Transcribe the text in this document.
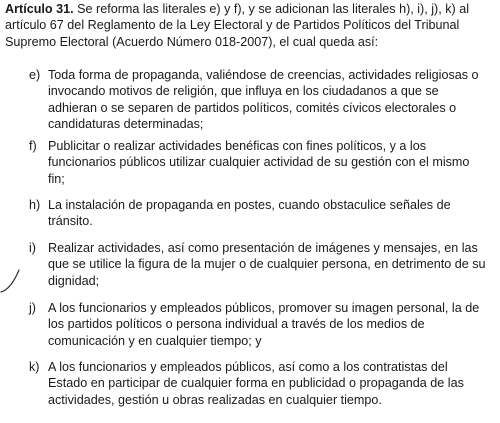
Artículo 31. Se reforma las literales e) y f), y se adicionan las literales h), i), j), k) al artículo 67 del Reglamento de la Ley Electoral y de Partidos Políticos del Tribunal Supremo Electoral (Acuerdo Número 018-2007), el cual queda así:
e) Toda forma de propaganda, valiéndose de creencias, actividades religiosas o invocando motivos de religión, que influya en los ciudadanos a que se adhieran o se separen de partidos políticos, comités cívicos electorales o candidaturas determinadas;
f) Publicitar o realizar actividades benéficas con fines políticos, y a los funcionarios públicos utilizar cualquier actividad de su gestión con el mismo fin;
h) La instalación de propaganda en postes, cuando obstaculice señales de tránsito.
i) Realizar actividades, así como presentación de imágenes y mensajes, en las que se utilice la figura de la mujer o de cualquier persona, en detrimento de su dignidad;
j) A los funcionarios y empleados públicos, promover su imagen personal, la de los partidos políticos o persona individual a través de los medios de comunicación y en cualquier tiempo; y
k) A los funcionarios y empleados públicos, así como a los contratistas del Estado en participar de cualquier forma en publicidad o propaganda de las actividades, gestión u obras realizadas en cualquier tiempo.
